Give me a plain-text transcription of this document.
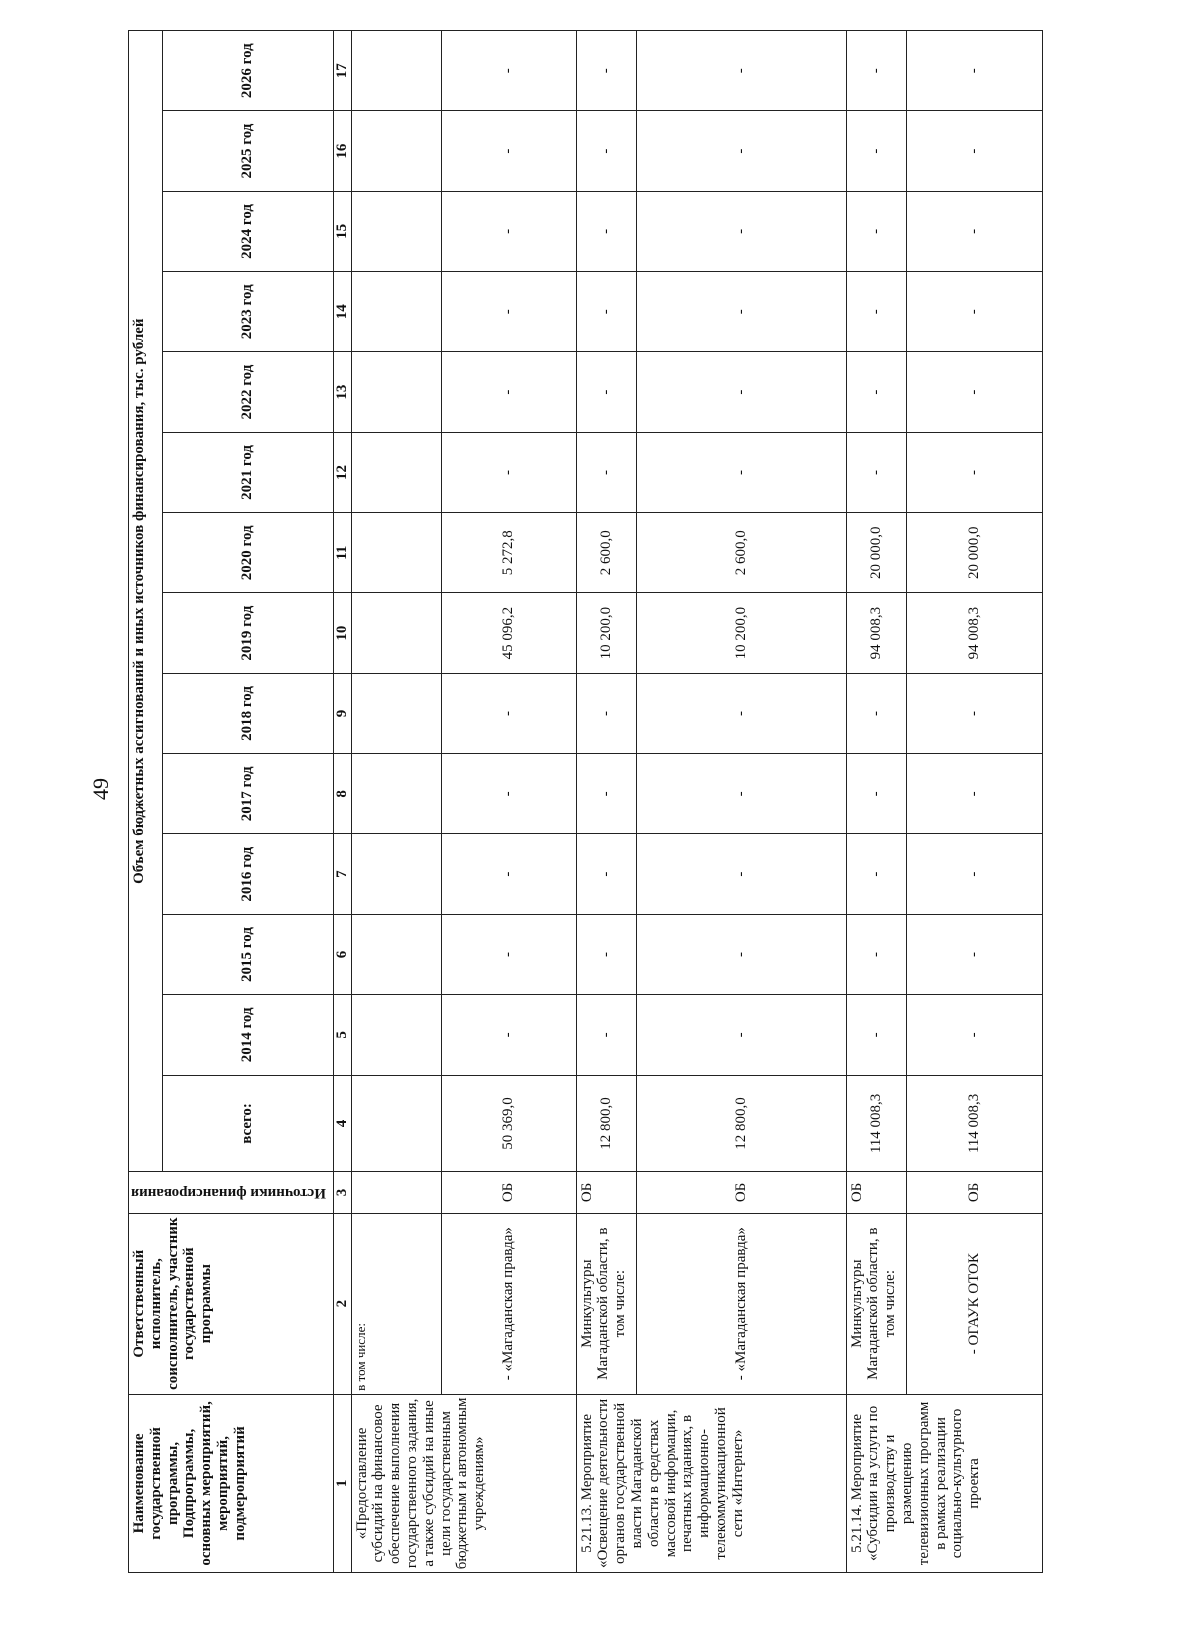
49
Наименование государственной программы, Подпрограммы, основных мероприятий, мероприятий, подмероприятий	Ответственный исполнитель, соисполнитель, участник государственной программы	Источники финансирования	Объем бюджетных ассигнований и иных источников финансирования, тыс. рублей													
			всего:	2014 год	2015 год	2016 год	2017 год	2018 год	2019 год	2020 год	2021 год	2022 год	2023 год	2024 год	2025 год	2026 год
1	2	3	4	5	6	7	8	9	10	11	12	13	14	15	16	17
«Предоставление субсидий на финансовое обеспечение выполнения государственного задания, а также субсидий на иные цели государственным бюджетным и автономным учреждениям»	в том числе:															
	- «Магаданская правда»	ОБ	50 369,0	-	-	-	-	-	45 096,2	5 272,8	-	-	-	-	-	-
5.21.13. Мероприятие «Освещение деятельности органов государственной власти Магаданской области в средствах массовой информации, печатных изданиях, в информационно-телекоммуникационной сети «Интернет»	Минкультуры Магаданской области, в том числе:	ОБ	12 800,0	-	-	-	-	-	10 200,0	2 600,0	-	-	-	-	-	-
	- «Магаданская правда»	ОБ	12 800,0	-	-	-	-	-	10 200,0	2 600,0	-	-	-	-	-	-
5.21.14. Мероприятие «Субсидии на услуги по производству и размещению телевизионных программ в рамках реализации социально-культурного проекта	Минкультуры Магаданской области, в том числе:	ОБ	114 008,3	-	-	-	-	-	94 008,3	20 000,0	-	-	-	-	-	-
	- ОГАУК ОТОК	ОБ	114 008,3	-	-	-	-	-	94 008,3	20 000,0	-	-	-	-	-	-
